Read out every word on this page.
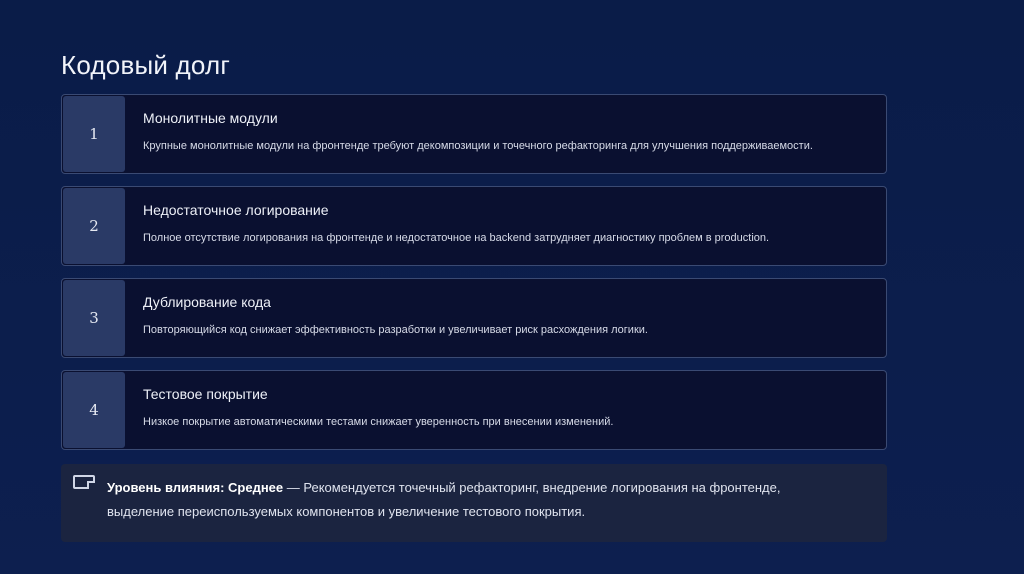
Кодовый долг
1
Монолитные модули
Крупные монолитные модули на фронтенде требуют декомпозиции и точечного рефакторинга для улучшения поддерживаемости.
2
Недостаточное логирование
Полное отсутствие логирования на фронтенде и недостаточное на backend затрудняет диагностику проблем в production.
3
Дублирование кода
Повторяющийся код снижает эффективность разработки и увеличивает риск расхождения логики.
4
Тестовое покрытие
Низкое покрытие автоматическими тестами снижает уверенность при внесении изменений.
Уровень влияния: Среднее — Рекомендуется точечный рефакторинг, внедрение логирования на фронтенде, выделение переиспользуемых компонентов и увеличение тестового покрытия.
